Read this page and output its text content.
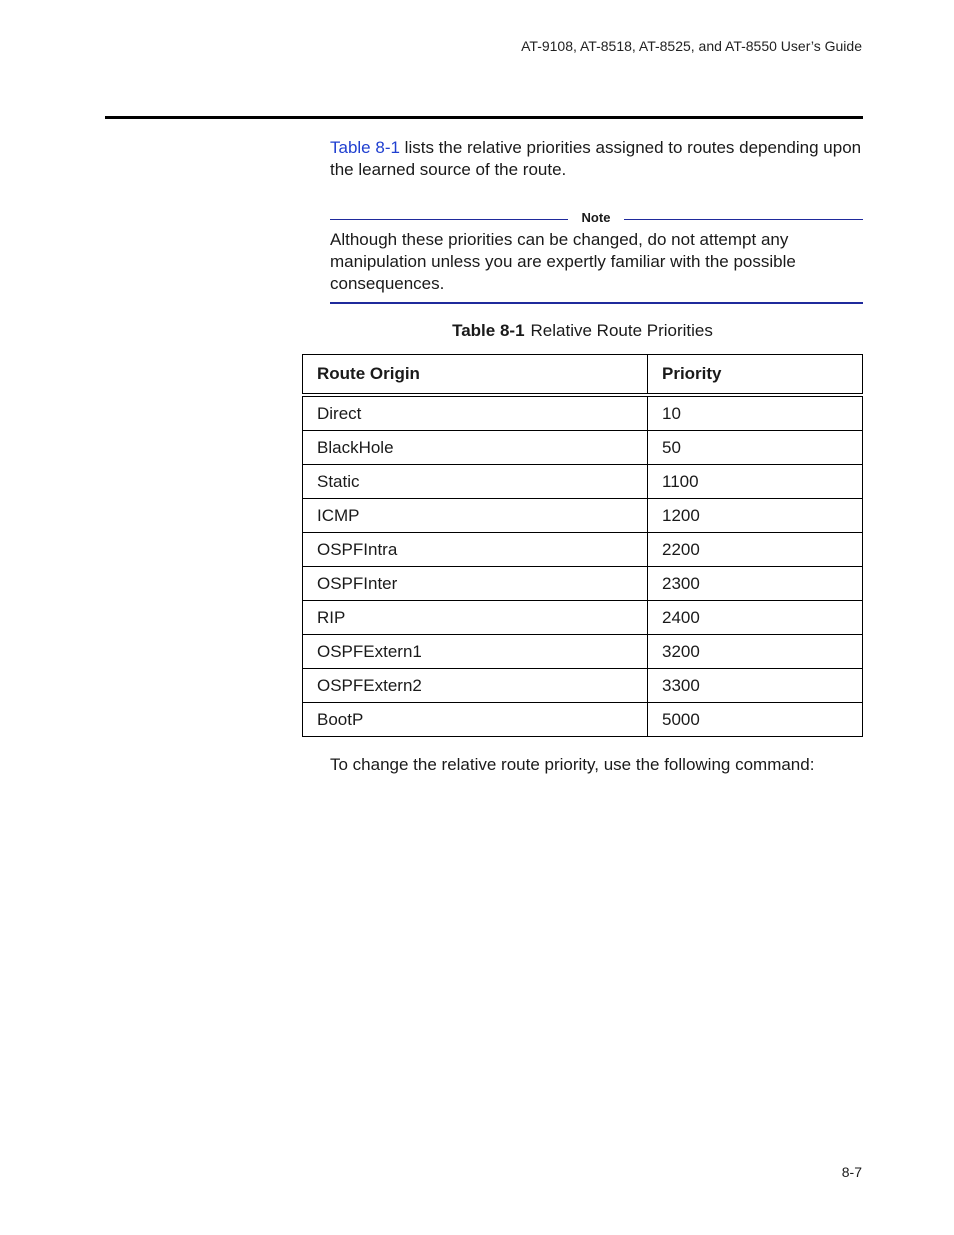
AT-9108, AT-8518, AT-8525, and AT-8550 User’s Guide
Table 8-1 lists the relative priorities assigned to routes depending upon the learned source of the route.
Note
Although these priorities can be changed, do not attempt any manipulation unless you are expertly familiar with the possible consequences.
Table 8-1 Relative Route Priorities
Route Origin	Priority
Direct	10
BlackHole	50
Static	1100
ICMP	1200
OSPFIntra	2200
OSPFInter	2300
RIP	2400
OSPFExtern1	3200
OSPFExtern2	3300
BootP	5000
To change the relative route priority, use the following command:
8-7
